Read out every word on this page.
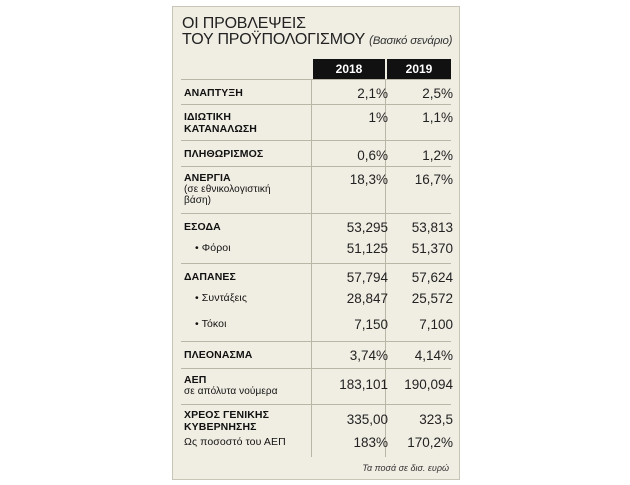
ΟΙ ΠΡΟΒΛΕΨΕΙΣ
ΤΟΥ ΠΡΟΫΠΟΛΟΓΙΣΜΟΥ (Βασικό σενάριο)
2018	2019
ΑΝΑΠΤΥΞΗ	2,1%	2,5%
ΙΔΙΩΤΙΚΗ
ΚΑΤΑΝΑΛΩΣΗ
1%	1,1%
ΠΛΗΘΩΡΙΣΜΟΣ	0,6%	1,2%
ΑΝΕΡΓΙΑ
(σε εθνικολογιστική
βάση)
18,3%	16,7%
ΕΣΟΔΑ	53,295	53,813
• Φόροι	51,125	51,370
ΔΑΠΑΝΕΣ	57,794	57,624
• Συντάξεις	28,847	25,572
• Τόκοι	7,150	7,100
ΠΛΕΟΝΑΣΜΑ	3,74%	4,14%
ΑΕΠ
σε απόλυτα νούμερα	183,101	190,094
ΧΡΕΟΣ ΓΕΝΙΚΗΣ
ΚΥΒΕΡΝΗΣΗΣ	335,00	323,5
Ως ποσοστό του ΑΕΠ	183%	170,2%
Τα ποσά σε δισ. ευρώ
